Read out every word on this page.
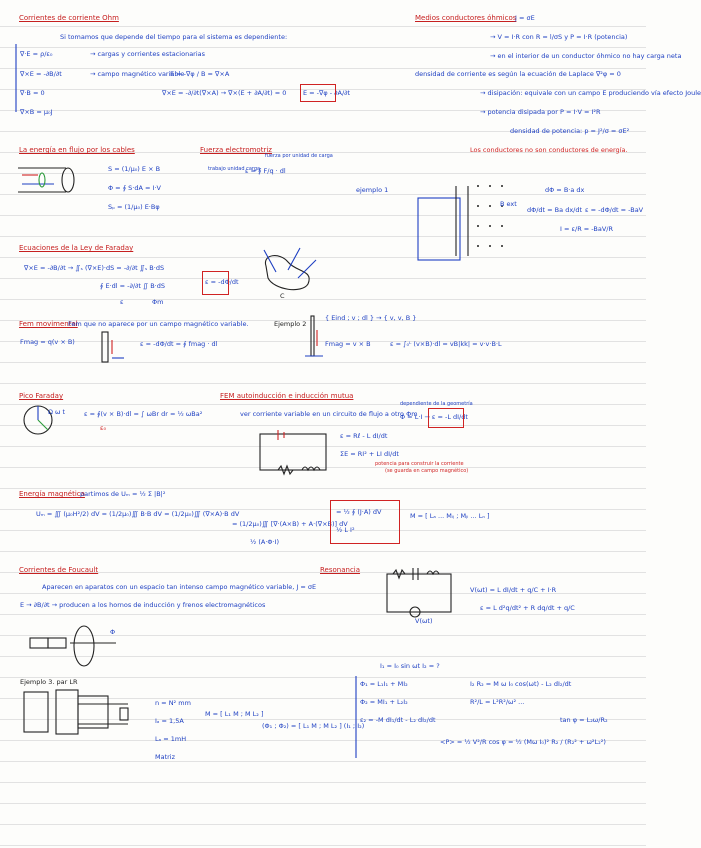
Corrientes de corriente Ohm
Si tomamos que depende del tiempo para el sistema es dependiente:
∇·E = ρ/ε₀	→ cargas y corrientes estacionarias
∇×E = -∂B/∂t	→ campo magnético variable
E = -∇φ / B = ∇×A
∇·B = 0	∇×E = -∂/∂t(∇×A) → ∇×(E + ∂A/∂t) = 0	E = -∇φ - ∂A/∂t
∇×B = μ₀J
Medios conductores óhmicos
J = σE
→ V = I·R con R = l/σS y P = I·R (potencia)
→ en el interior de un conductor óhmico no hay carga neta
densidad de corriente es según la ecuación de Laplace ∇²φ = 0
→ disipación: equivale con un campo E produciendo vía efecto Joule
→ potencia disipada por P = I·V = I²R
densidad de potencia: p = J²/σ = σE²
Los conductores no son conductores de energía.
La energía en flujo por los cables
S = (1/μ₀) E × B
Φ = ∮ S·dA = I·V
Sₚ = (1/μ₀) E·Bφ
Fuerza electromotriz
fuerza por unidad de carga
trabajo unidad carga
ε = ∮ F/q · dl
ejemplo 1
B ext
dΦ = B·a dx
dΦ/dt = Ba dx/dt ε = -dΦ/dt = -BaV
I = ε/R = -BaV/R
Ecuaciones de la Ley de Faraday
∇×E = -∂B/∂t → ∬ₛ (∇×E)·dS = -∂/∂t ∬ₛ B·dS
∮ E·dl = -∂/∂t ∬ B·dS	ε = -dΦ/dt
ε	Φm
C
Fem movimental
Fem que no aparece por un campo magnético variable.
Fmag = q(v × B)	ε = -dΦ/dt = ∮ fmag · dl
Ejemplo 2
{ Eind ; v ; dl } → { v, v, B }
Fmag = v × B	ε = ∫₀ᴸ (v×B)·dl = vB|kk| = v·v·B·L
Pico Faraday
Ω ω t	ε = ∮(v × B)·dl = ∫ ωBr dr = ½ ωBa²
ε₀
FEM autoinducción e inducción mutua
ver corriente variable en un circuito de flujo a otro Φm
dependiente de la geometría
Φ = L·I → ε = -L dI/dt
ε = Rℓ - L dI/dt
ΣE = RI² + LI dI/dt
potencia para construir la corriente
(se guarda en campo magnético)
Energía magnética
partimos de Uₘ = ½ Σ |B|²
Uₘ = ∭ (μ₀H²/2) dV = (1/2μ₀)∭ B·B dV = (1/2μ₀)∭ (∇×A)·B dV
= (1/2μ₀)∭ [∇·(A×B) + A·(∇×B)] dV
= ½ ∮ (J·A) dV
½ L I²
½ (A·Φ·I)
M = [ Lₐ ... Mᵢⱼ ; Mⱼᵢ ... Lₙ ]
Corrientes de Foucault
Aparecen en aparatos con un espacio tan intenso campo magnético variable, J = σE
E → ∂B/∂t → producen a los hornos de inducción y frenos electromagnéticos
Φ
Resonancia
V(ωt)
V(ωt) = L dI/dt + q/C + I·R
ε = L d²q/dt² + R dq/dt + q/C
Ejemplo 3. par LR
n = N² mm
Iₐ = 1,5A
Lₐ = 1mH
Matriz
M = [ L₁ M ; M L₂ ]
(Φ₁ ; Φ₂) = [ L₁ M ; M L₂ ] (I₁ ; I₂)
I₁ = I₀ sin ωt I₂ = ?
Φ₁ = L₁I₁ + MI₂
Φ₂ = MI₁ + L₂I₂
ε₂ = -M dI₁/dt - L₂ dI₂/dt
I₂ R₂ = M ω I₀ cos(ωt) - L₂ dI₂/dt
R²/L = L²R²/ω² ...
tan φ = L₂ω/R₂
<P> = ½ V²/R cos φ = ½ (Mω I₀)² R₂ / (R₂² + ω²L₂²)
